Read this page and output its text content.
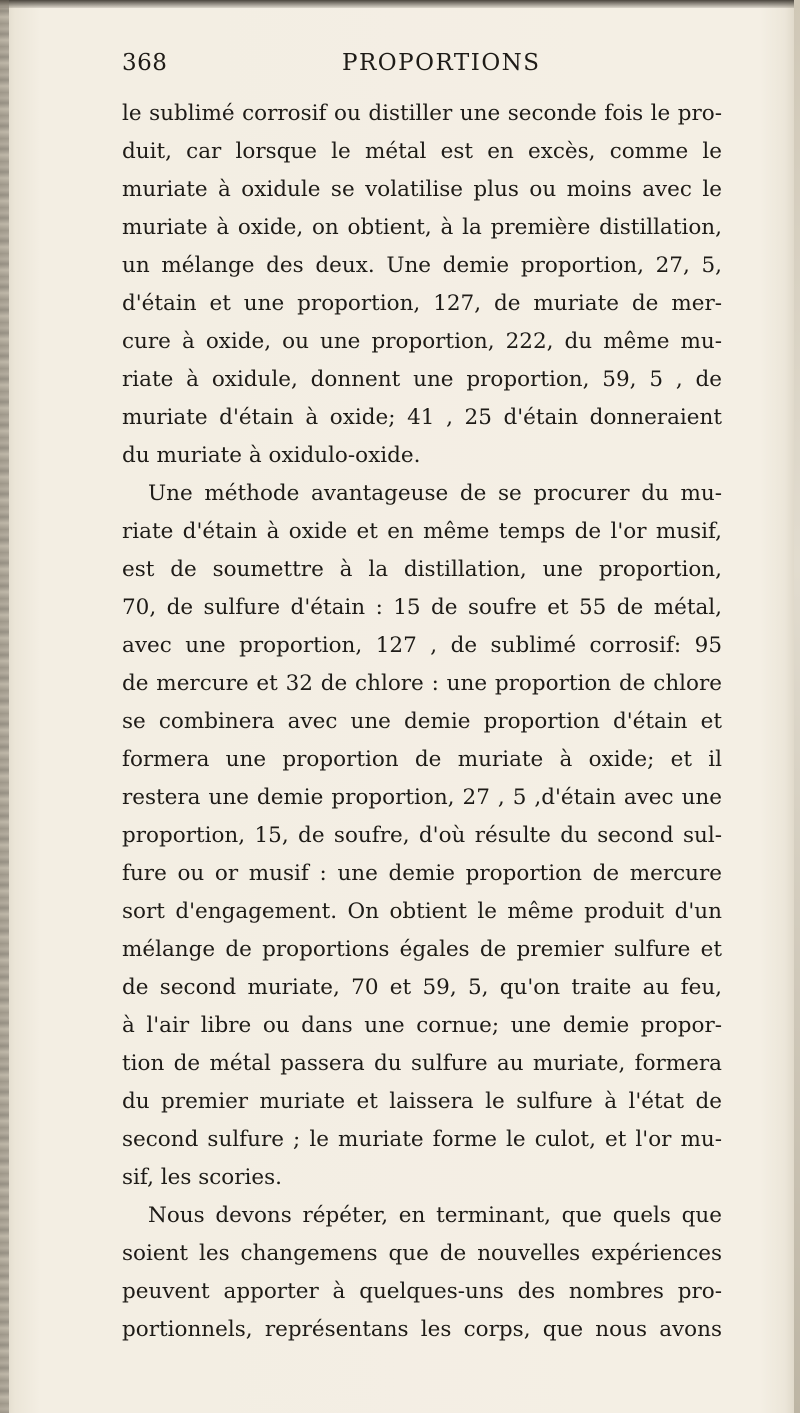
368	PROPORTIONS
le sublimé corrosif ou distiller une seconde fois le pro-
duit, car lorsque le métal est en excès, comme le
muriate à oxidule se volatilise plus ou moins avec le
muriate à oxide, on obtient, à la première distillation,
un mélange des deux. Une demie proportion, 27, 5,
d'étain et une proportion, 127, de muriate de mer-
cure à oxide, ou une proportion, 222, du même mu-
riate à oxidule, donnent une proportion, 59, 5 , de
muriate d'étain à oxide; 41 , 25 d'étain donneraient
du muriate à oxidulo-oxide.
Une méthode avantageuse de se procurer du mu-
riate d'étain à oxide et en même temps de l'or musif,
est de soumettre à la distillation, une proportion,
70, de sulfure d'étain : 15 de soufre et 55 de métal,
avec une proportion, 127 , de sublimé corrosif: 95
de mercure et 32 de chlore : une proportion de chlore
se combinera avec une demie proportion d'étain et
formera une proportion de muriate à oxide; et il
restera une demie proportion, 27 , 5 ,d'étain avec une
proportion, 15, de soufre, d'où résulte du second sul-
fure ou or musif : une demie proportion de mercure
sort d'engagement. On obtient le même produit d'un
mélange de proportions égales de premier sulfure et
de second muriate, 70 et 59, 5, qu'on traite au feu,
à l'air libre ou dans une cornue; une demie propor-
tion de métal passera du sulfure au muriate, formera
du premier muriate et laissera le sulfure à l'état de
second sulfure ; le muriate forme le culot, et l'or mu-
sif, les scories.
Nous devons répéter, en terminant, que quels que
soient les changemens que de nouvelles expériences
peuvent apporter à quelques-uns des nombres pro-
portionnels, représentans les corps, que nous avons
